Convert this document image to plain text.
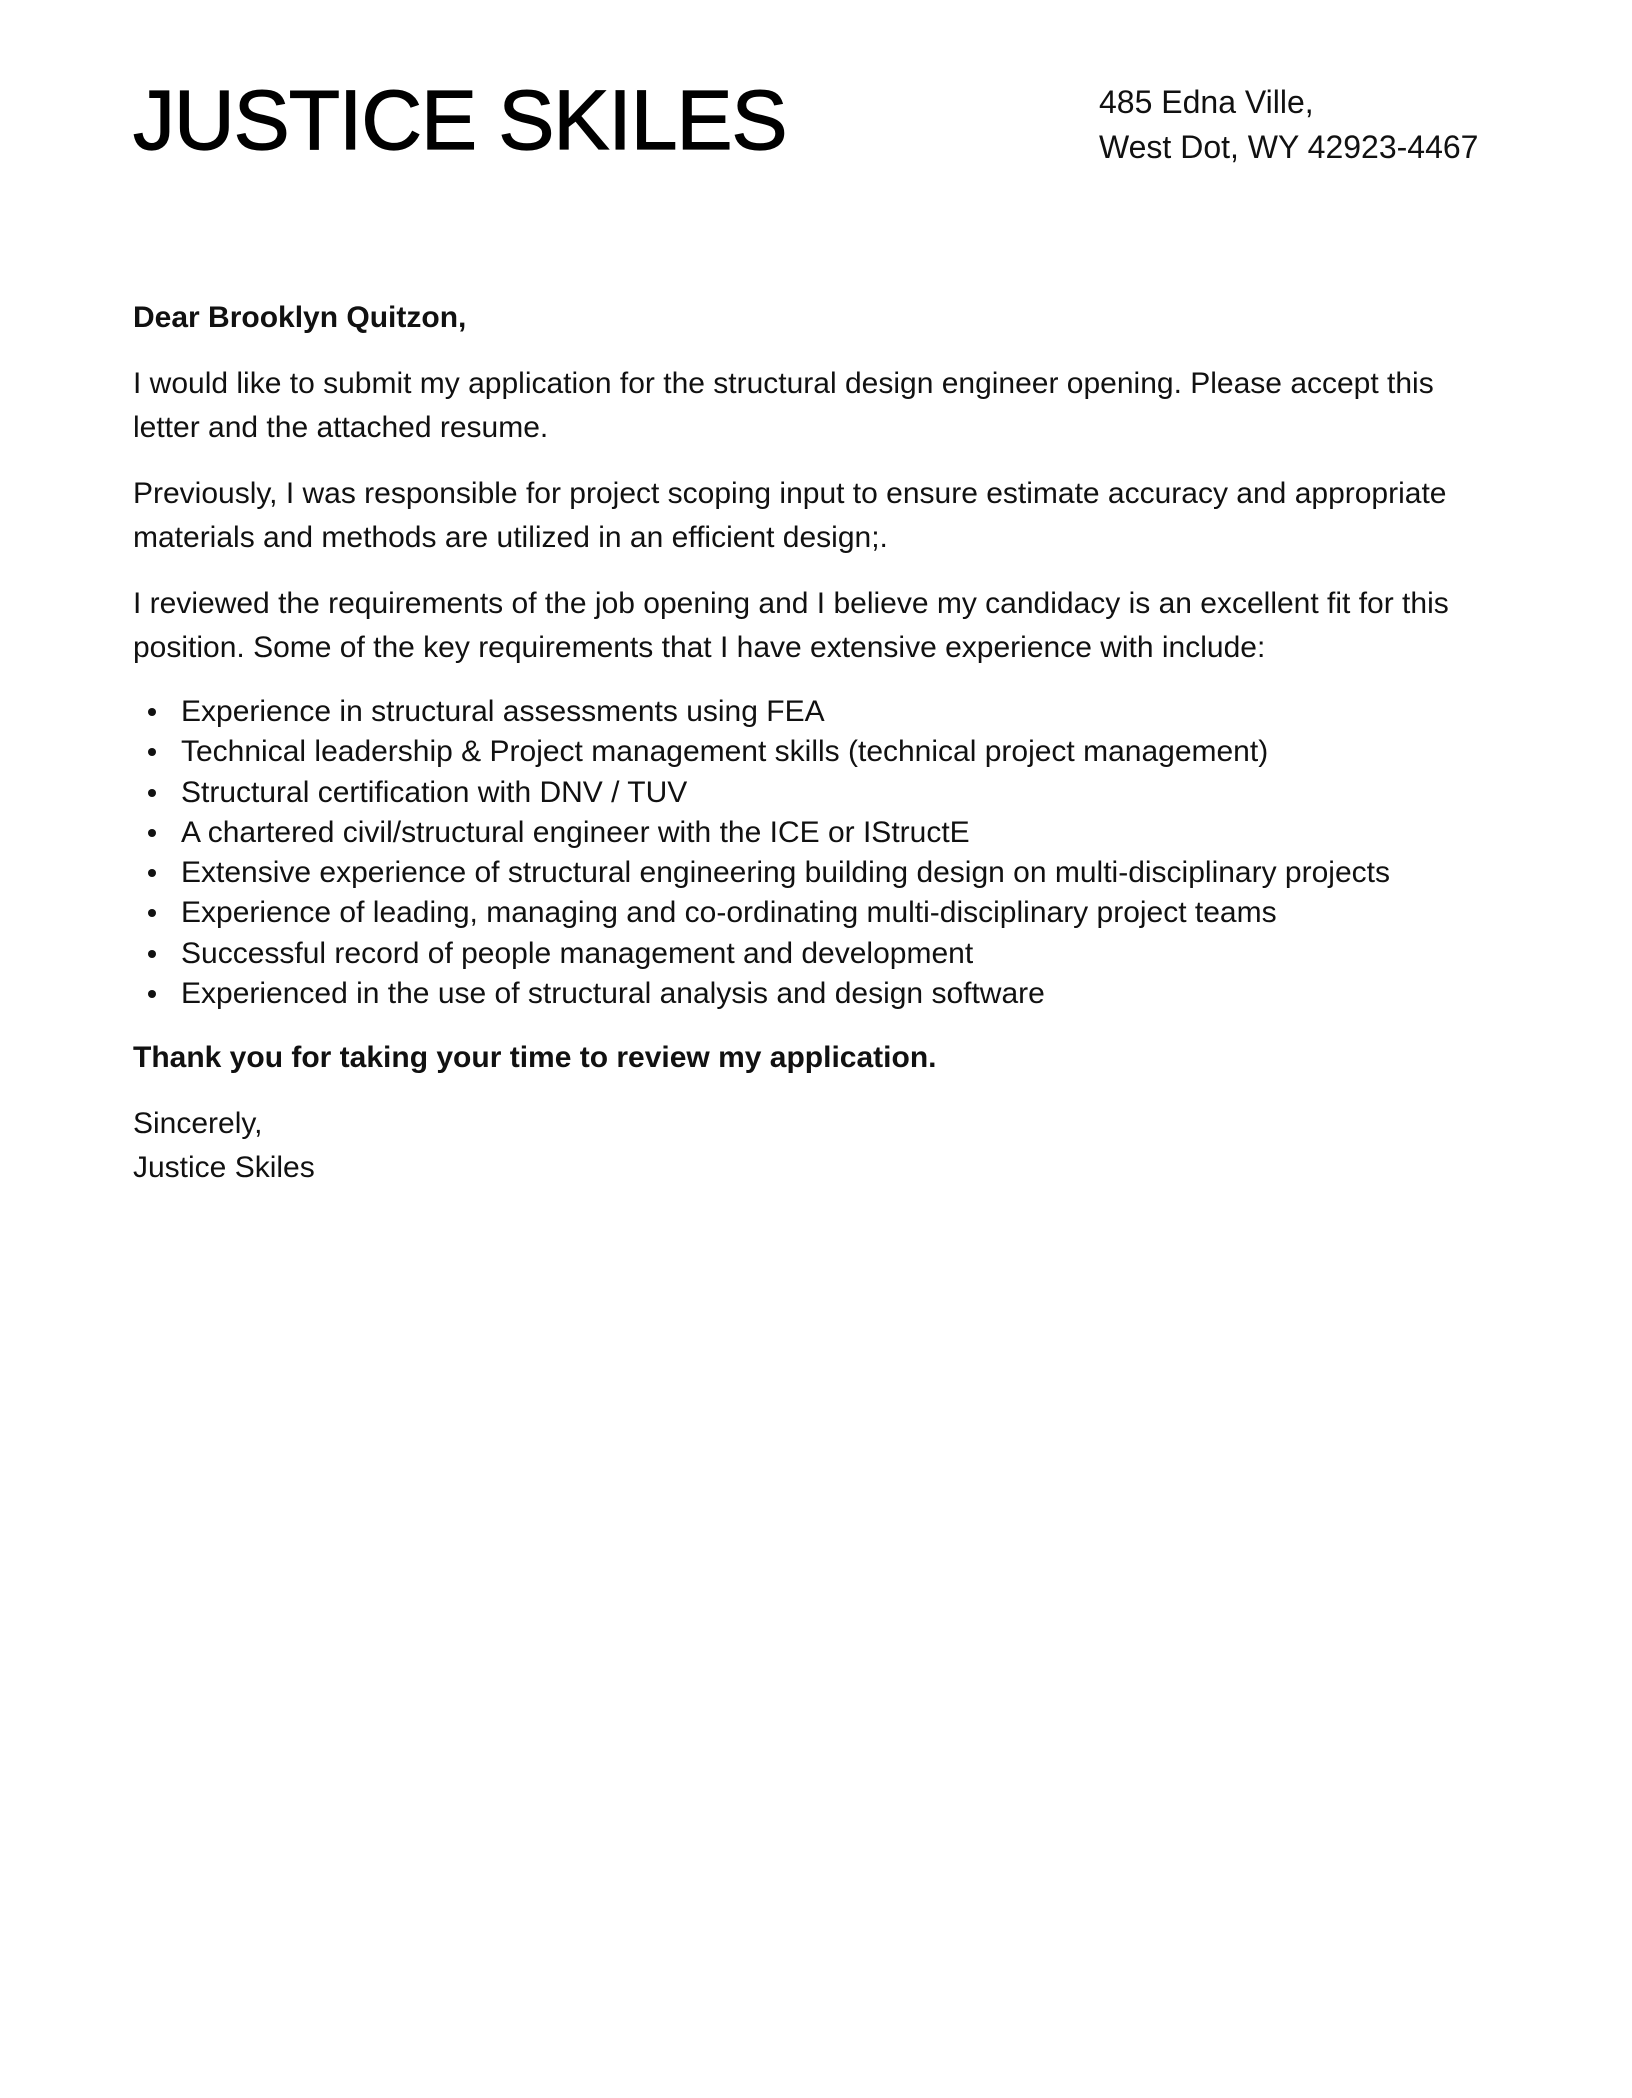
JUSTICE SKILES	485 Edna Ville,
West Dot, WY 42923-4467

Dear Brooklyn Quitzon,

I would like to submit my application for the structural design engineer opening. Please accept this letter and the attached resume.

Previously, I was responsible for project scoping input to ensure estimate accuracy and appropriate materials and methods are utilized in an efficient design;.

I reviewed the requirements of the job opening and I believe my candidacy is an excellent fit for this position. Some of the key requirements that I have extensive experience with include:

Experience in structural assessments using FEA
Technical leadership & Project management skills (technical project management)
Structural certification with DNV / TUV
A chartered civil/structural engineer with the ICE or IStructE
Extensive experience of structural engineering building design on multi-disciplinary projects
Experience of leading, managing and co-ordinating multi-disciplinary project teams
Successful record of people management and development
Experienced in the use of structural analysis and design software

Thank you for taking your time to review my application.

Sincerely,
Justice Skiles
